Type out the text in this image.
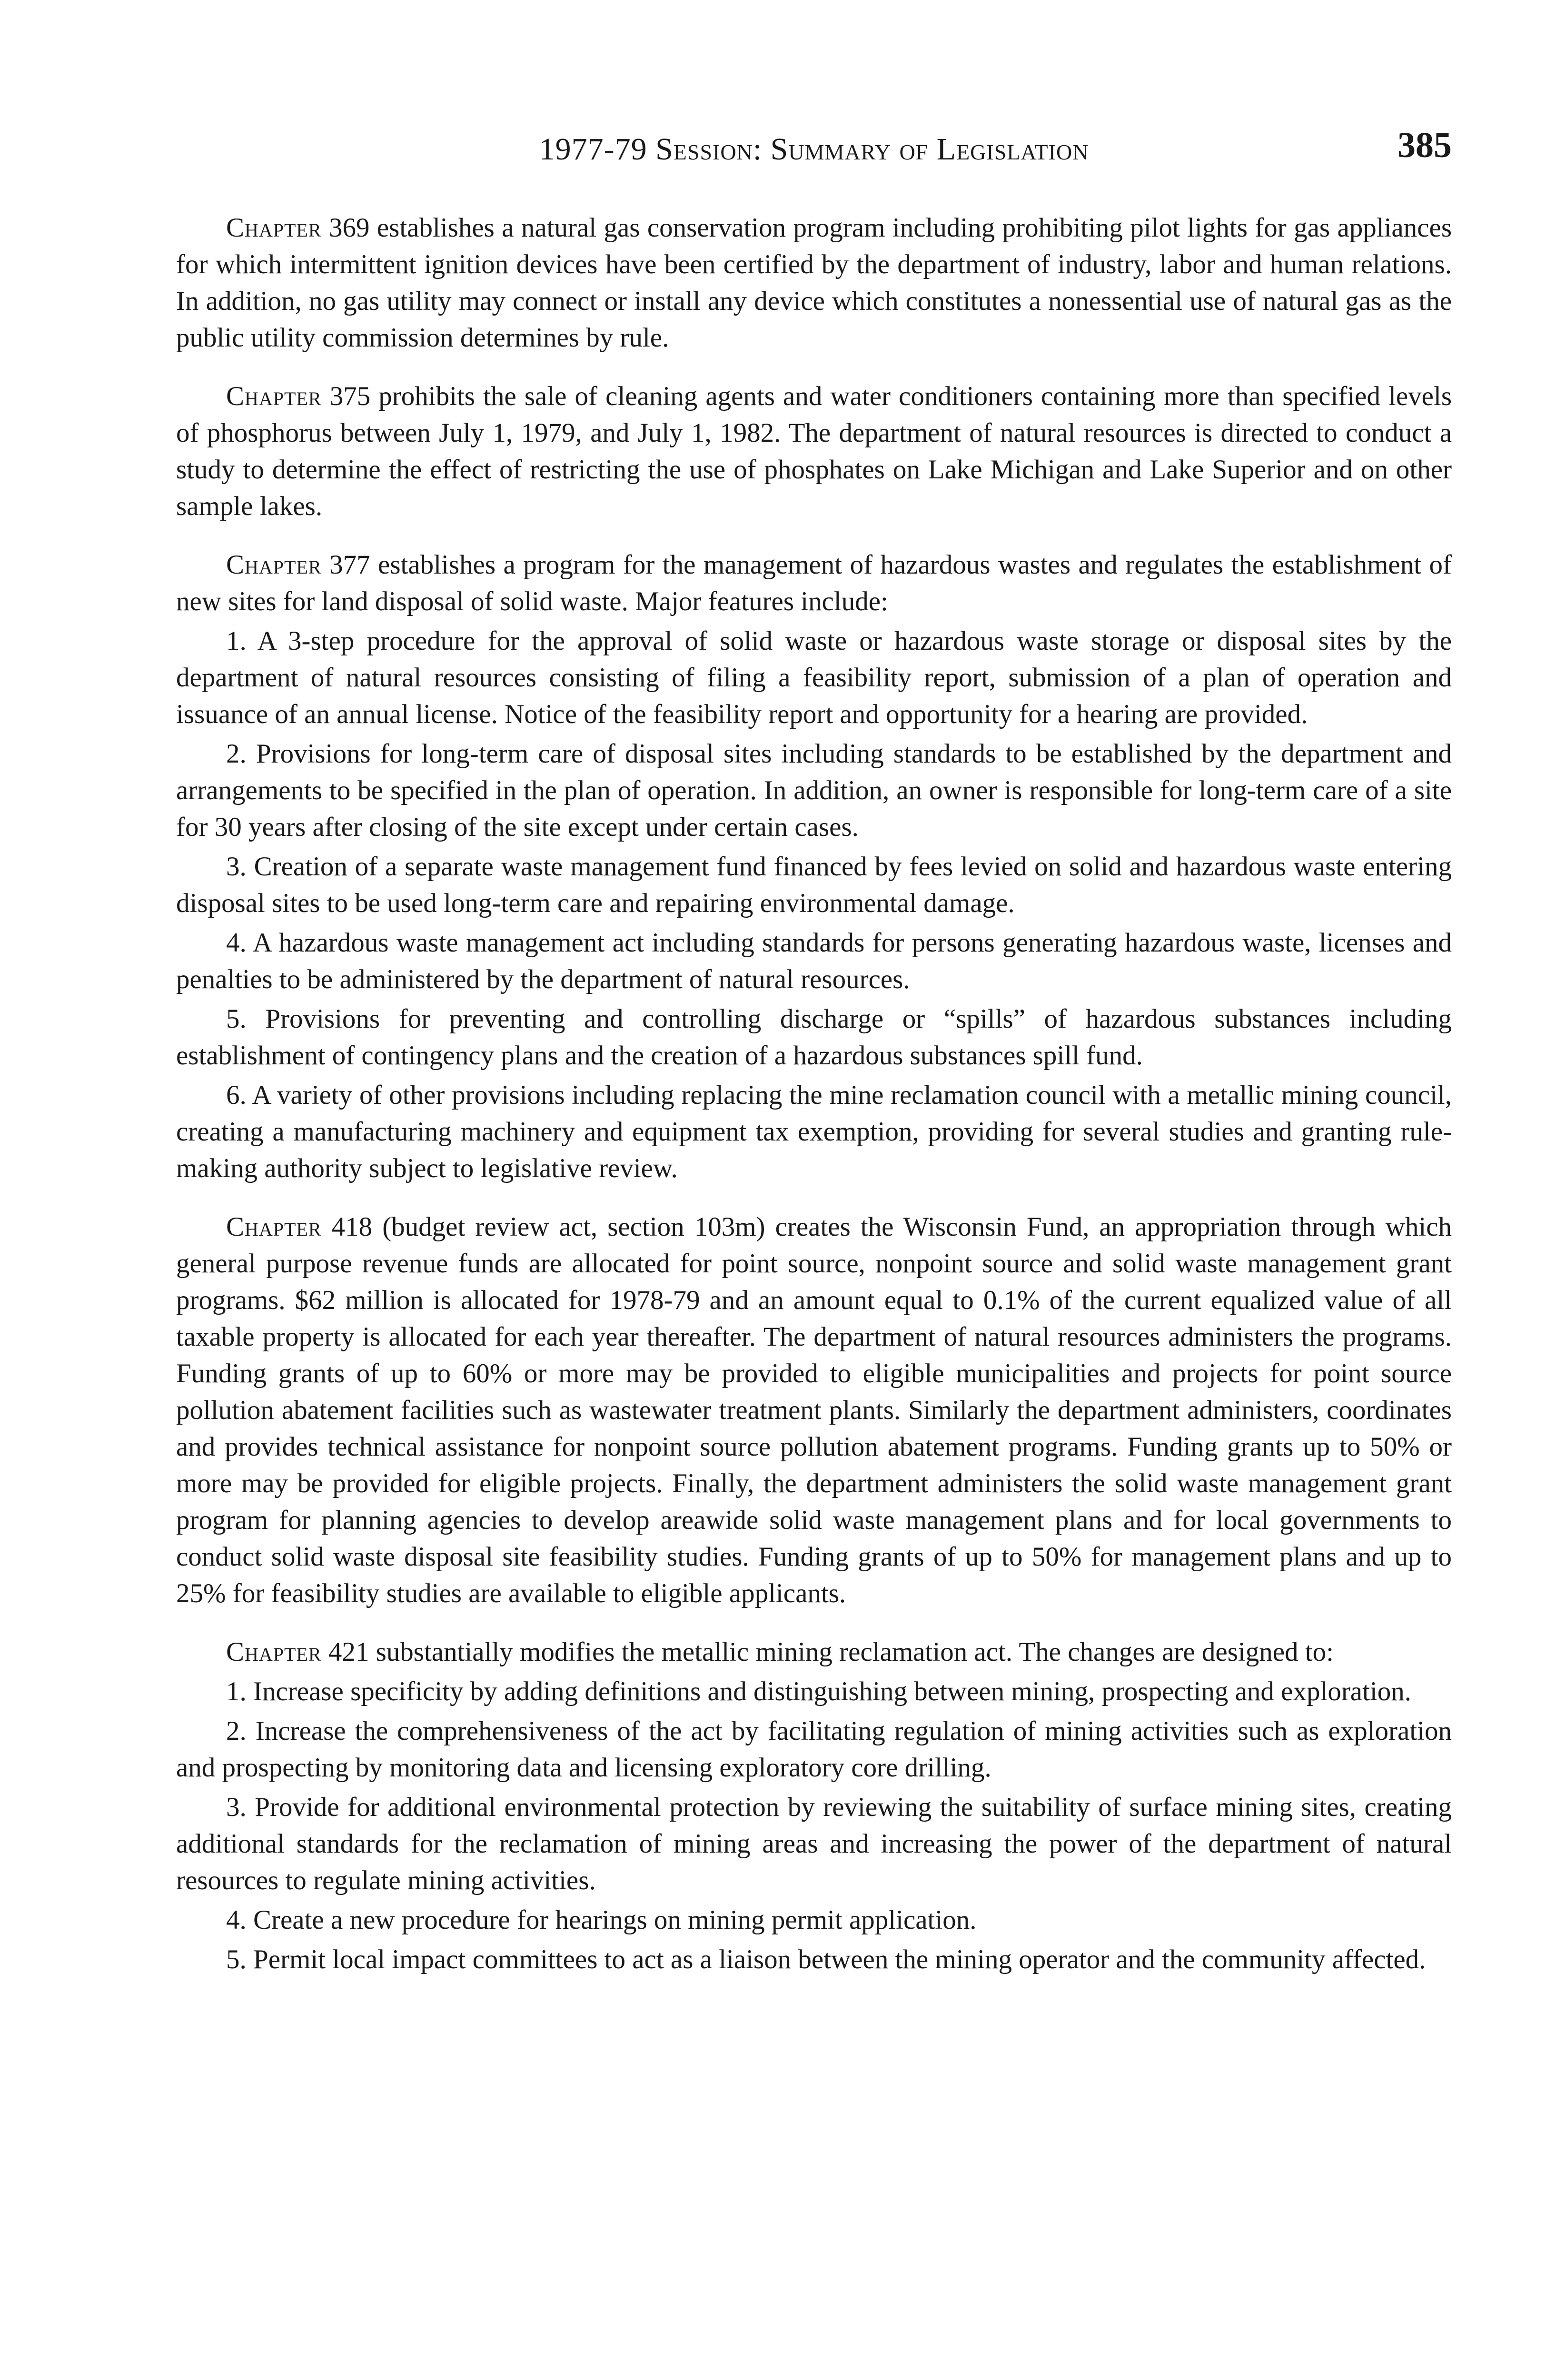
1977-79 Session: Summary of Legislation	385

Chapter 369 establishes a natural gas conservation program including prohibiting pilot lights for gas appliances for which intermittent ignition devices have been certified by the department of industry, labor and human relations. In addition, no gas utility may connect or install any device which constitutes a nonessential use of natural gas as the public utility commission determines by rule.

Chapter 375 prohibits the sale of cleaning agents and water conditioners containing more than specified levels of phosphorus between July 1, 1979, and July 1, 1982. The department of natural resources is directed to conduct a study to determine the effect of restricting the use of phosphates on Lake Michigan and Lake Superior and on other sample lakes.

Chapter 377 establishes a program for the management of hazardous wastes and regulates the establishment of new sites for land disposal of solid waste. Major features include:

1. A 3-step procedure for the approval of solid waste or hazardous waste storage or disposal sites by the department of natural resources consisting of filing a feasibility report, submission of a plan of operation and issuance of an annual license. Notice of the feasibility report and opportunity for a hearing are provided.

2. Provisions for long-term care of disposal sites including standards to be established by the department and arrangements to be specified in the plan of operation. In addition, an owner is responsible for long-term care of a site for 30 years after closing of the site except under certain cases.

3. Creation of a separate waste management fund financed by fees levied on solid and hazardous waste entering disposal sites to be used long-term care and repairing environmental damage.

4. A hazardous waste management act including standards for persons generating hazardous waste, licenses and penalties to be administered by the department of natural resources.

5. Provisions for preventing and controlling discharge or “spills” of hazardous substances including establishment of contingency plans and the creation of a hazardous substances spill fund.

6. A variety of other provisions including replacing the mine reclamation council with a metallic mining council, creating a manufacturing machinery and equipment tax exemption, providing for several studies and granting rule-making authority subject to legislative review.

Chapter 418 (budget review act, section 103m) creates the Wisconsin Fund, an appropriation through which general purpose revenue funds are allocated for point source, nonpoint source and solid waste management grant programs. $62 million is allocated for 1978-79 and an amount equal to 0.1% of the current equalized value of all taxable property is allocated for each year thereafter. The department of natural resources administers the programs. Funding grants of up to 60% or more may be provided to eligible municipalities and projects for point source pollution abatement facilities such as wastewater treatment plants. Similarly the department administers, coordinates and provides technical assistance for nonpoint source pollution abatement programs. Funding grants up to 50% or more may be provided for eligible projects. Finally, the department administers the solid waste management grant program for planning agencies to develop areawide solid waste management plans and for local governments to conduct solid waste disposal site feasibility studies. Funding grants of up to 50% for management plans and up to 25% for feasibility studies are available to eligible applicants.

Chapter 421 substantially modifies the metallic mining reclamation act. The changes are designed to:

1. Increase specificity by adding definitions and distinguishing between mining, prospecting and exploration.

2. Increase the comprehensiveness of the act by facilitating regulation of mining activities such as exploration and prospecting by monitoring data and licensing exploratory core drilling.

3. Provide for additional environmental protection by reviewing the suitability of surface mining sites, creating additional standards for the reclamation of mining areas and increasing the power of the department of natural resources to regulate mining activities.

4. Create a new procedure for hearings on mining permit application.

5. Permit local impact committees to act as a liaison between the mining operator and the community affected.
